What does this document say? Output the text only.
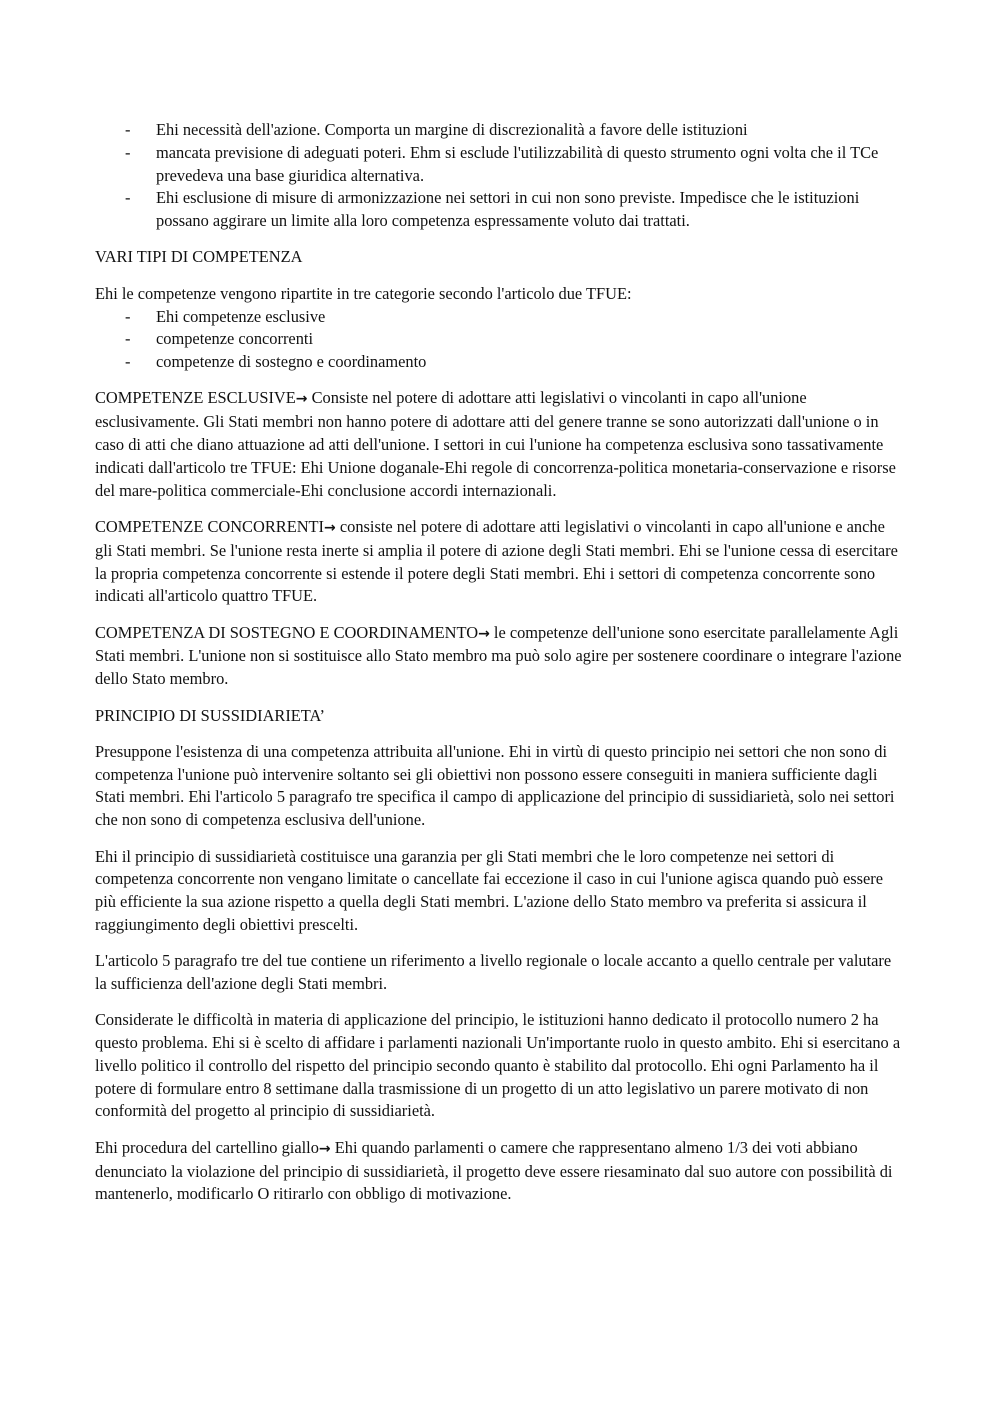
- Ehi necessità dell'azione. Comporta un margine di discrezionalità a favore delle istituzioni
- mancata previsione di adeguati poteri. Ehm si esclude l'utilizzabilità di questo strumento ogni volta che il TCe prevedeva una base giuridica alternativa.
- Ehi esclusione di misure di armonizzazione nei settori in cui non sono previste. Impedisce che le istituzioni possano aggirare un limite alla loro competenza espressamente voluto dai trattati.

VARI TIPI DI COMPETENZA

Ehi le competenze vengono ripartite in tre categorie secondo l'articolo due TFUE:

- Ehi competenze esclusive
- competenze concorrenti
- competenze di sostegno e coordinamento

COMPETENZE ESCLUSIVE→ Consiste nel potere di adottare atti legislativi o vincolanti in capo all'unione esclusivamente. Gli Stati membri non hanno potere di adottare atti del genere tranne se sono autorizzati dall'unione o in caso di atti che diano attuazione ad atti dell'unione. I settori in cui l'unione ha competenza esclusiva sono tassativamente indicati dall'articolo tre TFUE: Ehi Unione doganale-Ehi regole di concorrenza-politica monetaria-conservazione e risorse del mare-politica commerciale-Ehi conclusione accordi internazionali.

COMPETENZE CONCORRENTI→ consiste nel potere di adottare atti legislativi o vincolanti in capo all'unione e anche gli Stati membri. Se l'unione resta inerte si amplia il potere di azione degli Stati membri. Ehi se l'unione cessa di esercitare la propria competenza concorrente si estende il potere degli Stati membri. Ehi i settori di competenza concorrente sono indicati all'articolo quattro TFUE.

COMPETENZA DI SOSTEGNO E COORDINAMENTO→ le competenze dell'unione sono esercitate parallelamente Agli Stati membri. L'unione non si sostituisce allo Stato membro ma può solo agire per sostenere coordinare o integrare l'azione dello Stato membro.

PRINCIPIO DI SUSSIDIARIETA’

Presuppone l'esistenza di una competenza attribuita all'unione. Ehi in virtù di questo principio nei settori che non sono di competenza l'unione può intervenire soltanto sei gli obiettivi non possono essere conseguiti in maniera sufficiente dagli Stati membri. Ehi l'articolo 5 paragrafo tre specifica il campo di applicazione del principio di sussidiarietà, solo nei settori che non sono di competenza esclusiva dell'unione.

Ehi il principio di sussidiarietà costituisce una garanzia per gli Stati membri che le loro competenze nei settori di competenza concorrente non vengano limitate o cancellate fai eccezione il caso in cui l'unione agisca quando può essere più efficiente la sua azione rispetto a quella degli Stati membri. L'azione dello Stato membro va preferita si assicura il raggiungimento degli obiettivi prescelti.

L'articolo 5 paragrafo tre del tue contiene un riferimento a livello regionale o locale accanto a quello centrale per valutare la sufficienza dell'azione degli Stati membri.

Considerate le difficoltà in materia di applicazione del principio, le istituzioni hanno dedicato il protocollo numero 2 ha questo problema. Ehi si è scelto di affidare i parlamenti nazionali Un'importante ruolo in questo ambito. Ehi si esercitano a livello politico il controllo del rispetto del principio secondo quanto è stabilito dal protocollo. Ehi ogni Parlamento ha il potere di formulare entro 8 settimane dalla trasmissione di un progetto di un atto legislativo un parere motivato di non conformità del progetto al principio di sussidiarietà.

Ehi procedura del cartellino giallo→ Ehi quando parlamenti o camere che rappresentano almeno 1/3 dei voti abbiano denunciato la violazione del principio di sussidiarietà, il progetto deve essere riesaminato dal suo autore con possibilità di mantenerlo, modificarlo O ritirarlo con obbligo di motivazione.
